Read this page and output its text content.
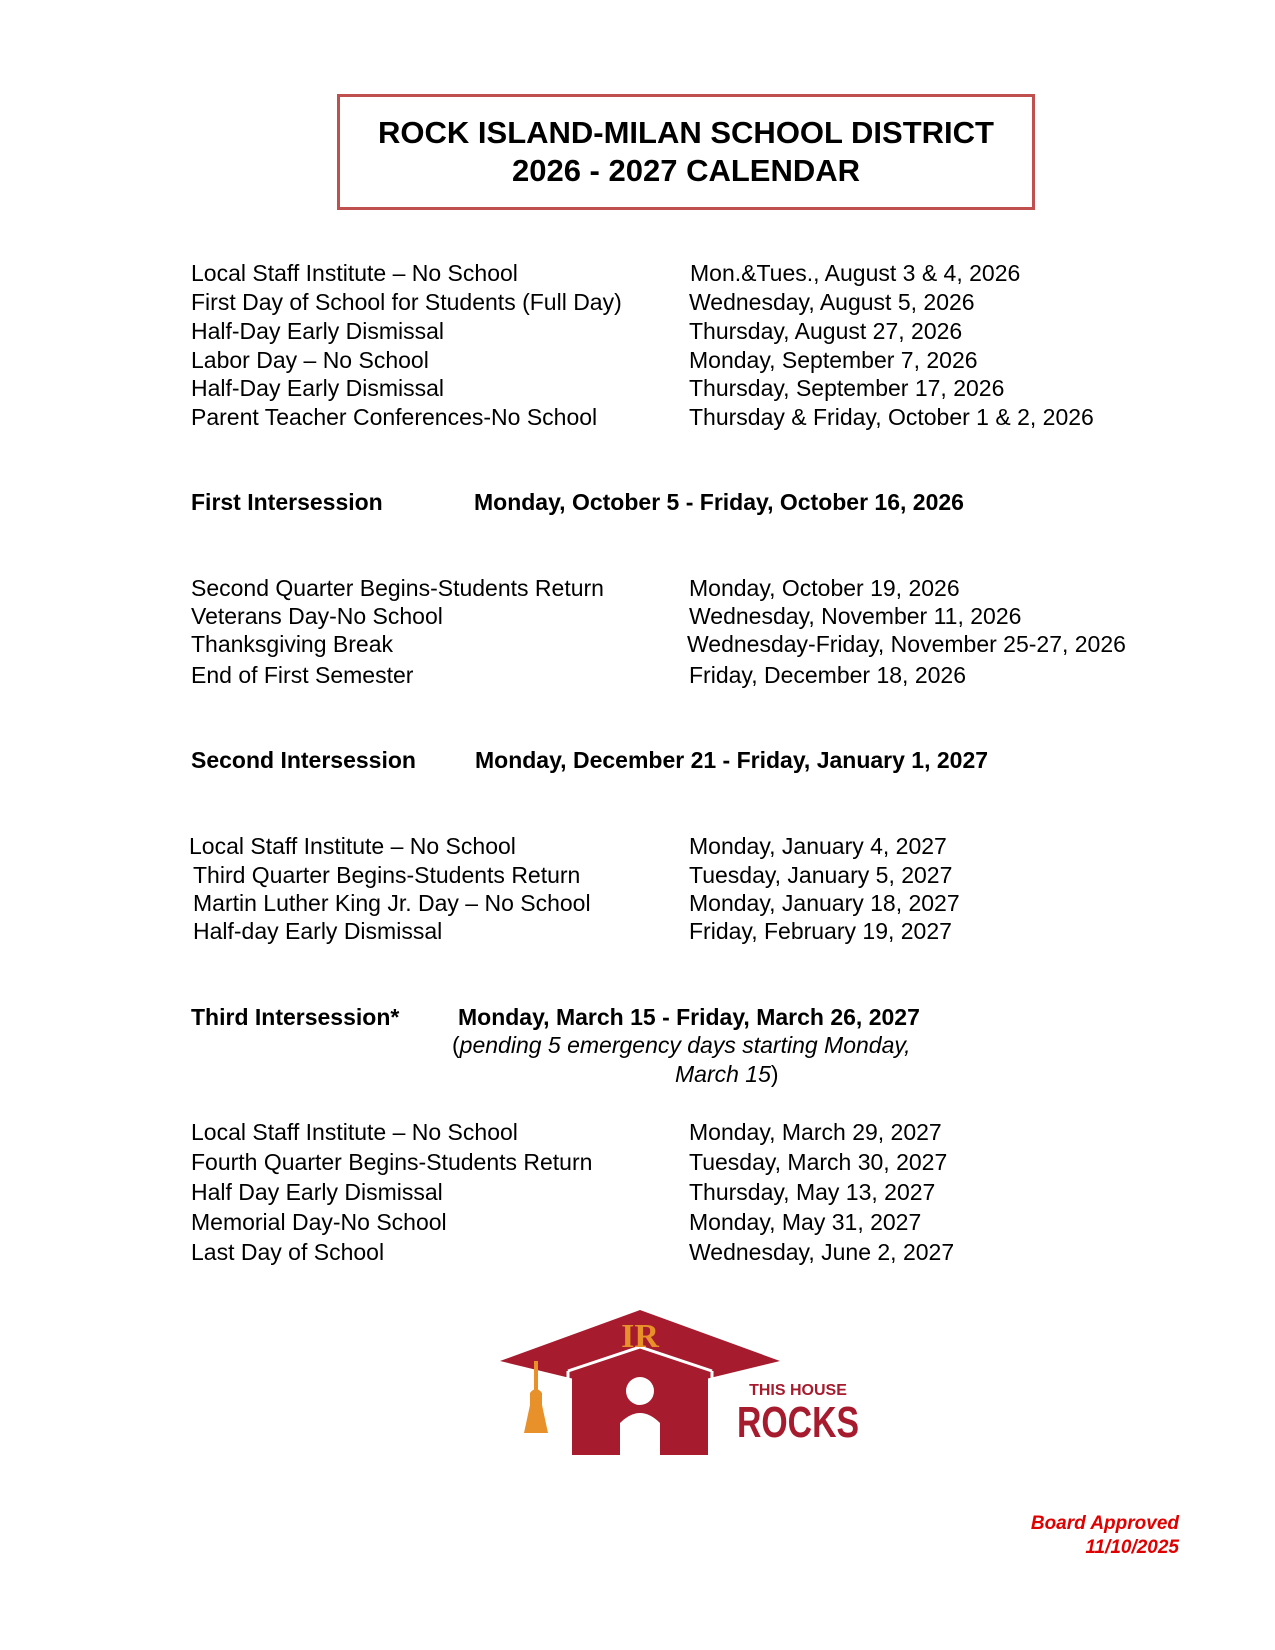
ROCK ISLAND-MILAN SCHOOL DISTRICT
2026 - 2027 CALENDAR
Local Staff Institute – No School	Mon.&Tues., August 3 & 4, 2026
First Day of School for Students (Full Day)	Wednesday, August 5, 2026
Half-Day Early Dismissal	Thursday, August 27, 2026
Labor Day – No School	Monday, September 7, 2026
Half-Day Early Dismissal	Thursday, September 17, 2026
Parent Teacher Conferences-No School	Thursday & Friday, October 1 & 2, 2026
First Intersession	Monday, October 5 - Friday, October 16, 2026
Second Quarter Begins-Students Return	Monday, October 19, 2026
Veterans Day-No School	Wednesday, November 11, 2026
Thanksgiving Break	Wednesday-Friday, November 25-27, 2026
End of First Semester	Friday, December 18, 2026
Second Intersession	Monday, December 21 - Friday, January 1, 2027
Local Staff Institute – No School	Monday, January 4, 2027
Third Quarter Begins-Students Return	Tuesday, January 5, 2027
Martin Luther King Jr. Day – No School	Monday, January 18, 2027
Half-day Early Dismissal	Friday, February 19, 2027
Third Intersession*	Monday, March 15 - Friday, March 26, 2027
(pending 5 emergency days starting Monday,
March 15)
Local Staff Institute – No School	Monday, March 29, 2027
Fourth Quarter Begins-Students Return	Tuesday, March 30, 2027
Half Day Early Dismissal	Thursday, May 13, 2027
Memorial Day-No School	Monday, May 31, 2027
Last Day of School	Wednesday, June 2, 2027
IR
THIS HOUSE
ROCKS
Board Approved
11/10/2025
